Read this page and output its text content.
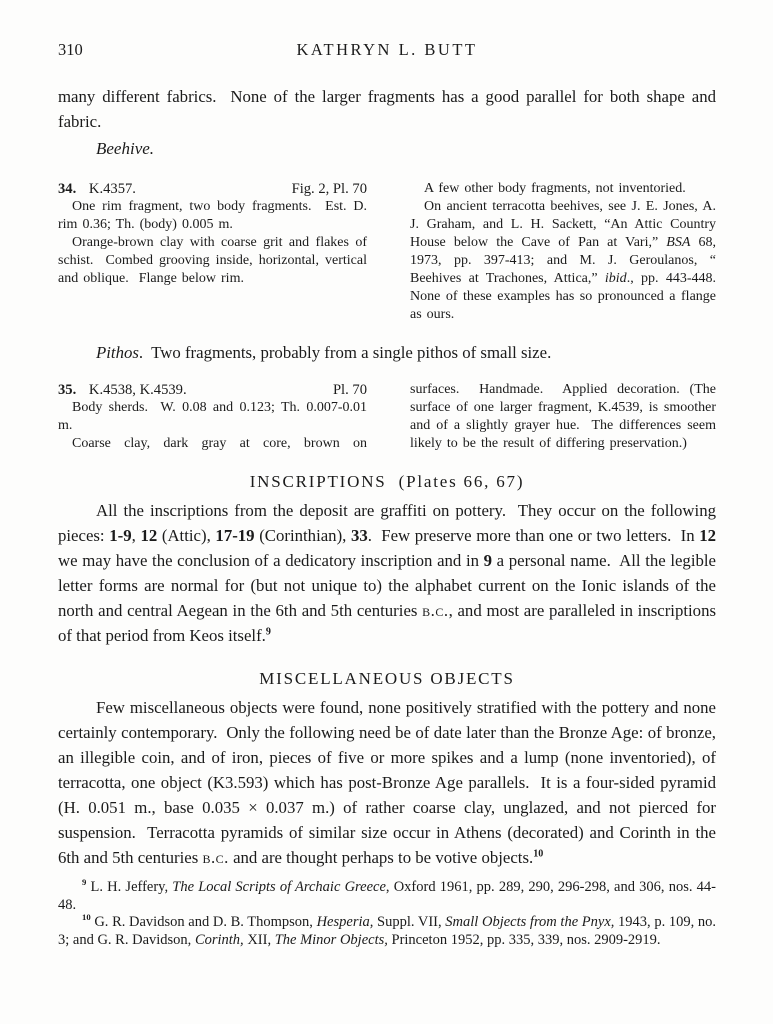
310	KATHRYN L. BUTT

many different fabrics.  None of the larger fragments has a good parallel for both shape and fabric.

Beehive.

34. K.4357.	Fig. 2, Pl. 70

One rim fragment, two body fragments.  Est. D. rim 0.36; Th. (body) 0.005 m.

Orange-brown clay with coarse grit and flakes of schist.  Combed grooving inside, horizontal, vertical and oblique.  Flange below rim.

A few other body fragments, not inventoried.

On ancient terracotta beehives, see J. E. Jones, A. J. Graham, and L. H. Sackett, “An Attic Country House below the Cave of Pan at Vari,” BSA 68, 1973, pp. 397-413; and M. J. Geroulanos, “ Beehives at Trachones, Attica,” ibid., pp. 443-448.  None of these examples has so pronounced a flange as ours.

Pithos.  Two fragments, probably from a single pithos of small size.

35. K.4538, K.4539.	Pl. 70

Body sherds.  W. 0.08 and 0.123; Th. 0.007-0.01 m.

Coarse clay, dark gray at core, brown on

surfaces.  Handmade.  Applied decoration. (The surface of one larger fragment, K.4539, is smoother and of a slightly grayer hue.  The differences seem likely to be the result of differing preservation.)

INSCRIPTIONS  (Plates 66, 67)

All the inscriptions from the deposit are graffiti on pottery.  They occur on the following pieces: 1-9, 12 (Attic), 17-19 (Corinthian), 33.  Few preserve more than one or two letters.  In 12 we may have the conclusion of a dedicatory inscription and in 9 a personal name.  All the legible letter forms are normal for (but not unique to) the alphabet current on the Ionic islands of the north and central Aegean in the 6th and 5th centuries b.c., and most are paralleled in inscriptions of that period from Keos itself.$^9$

MISCELLANEOUS OBJECTS

Few miscellaneous objects were found, none positively stratified with the pottery and none certainly contemporary.  Only the following need be of date later than the Bronze Age: of bronze, an illegible coin, and of iron, pieces of five or more spikes and a lump (none inventoried), of terracotta, one object (K3.593) which has post-Bronze Age parallels.  It is a four-sided pyramid (H. 0.051 m., base 0.035 × 0.037 m.) of rather coarse clay, unglazed, and not pierced for suspension.  Terracotta pyramids of similar size occur in Athens (decorated) and Corinth in the 6th and 5th centuries b.c. and are thought perhaps to be votive objects.$^{10}$

$^9$ L. H. Jeffery, The Local Scripts of Archaic Greece, Oxford 1961, pp. 289, 290, 296-298, and 306, nos. 44-48.

$^{10}$ G. R. Davidson and D. B. Thompson, Hesperia, Suppl. VII, Small Objects from the Pnyx, 1943, p. 109, no. 3; and G. R. Davidson, Corinth, XII, The Minor Objects, Princeton 1952, pp. 335, 339, nos. 2909-2919.
